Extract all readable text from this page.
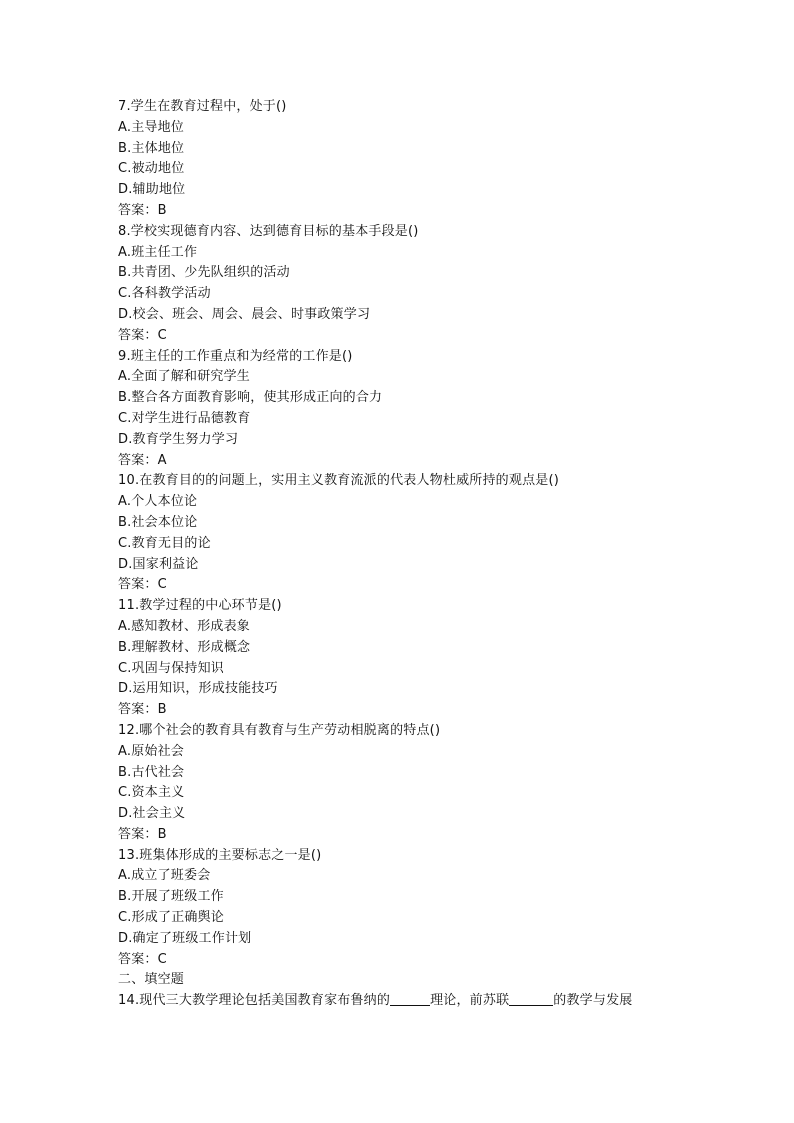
7.学生在教育过程中，处于()
A.主导地位
B.主体地位
C.被动地位
D.辅助地位
答案：B
8.学校实现德育内容、达到德育目标的基本手段是()
A.班主任工作
B.共青团、少先队组织的活动
C.各科教学活动
D.校会、班会、周会、晨会、时事政策学习
答案：C
9.班主任的工作重点和为经常的工作是()
A.全面了解和研究学生
B.整合各方面教育影响，使其形成正向的合力
C.对学生进行品德教育
D.教育学生努力学习
答案：A
10.在教育目的的问题上，实用主义教育流派的代表人物杜威所持的观点是()
A.个人本位论
B.社会本位论
C.教育无目的论
D.国家利益论
答案：C
11.教学过程的中心环节是()
A.感知教材、形成表象
B.理解教材、形成概念
C.巩固与保持知识
D.运用知识，形成技能技巧
答案：B
12.哪个社会的教育具有教育与生产劳动相脱离的特点()
A.原始社会
B.古代社会
C.资本主义
D.社会主义
答案：B
13.班集体形成的主要标志之一是()
A.成立了班委会
B.开展了班级工作
C.形成了正确舆论
D.确定了班级工作计划
答案：C
二、填空题
14.现代三大教学理论包括美国教育家布鲁纳的	理论，前苏联	的教学与发展
